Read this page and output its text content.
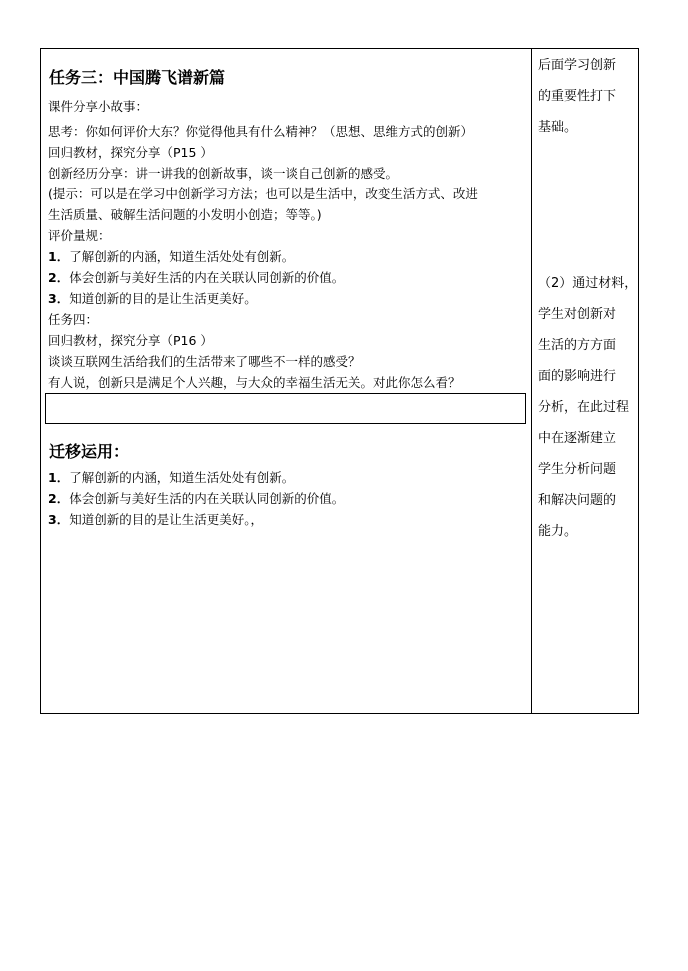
任务三：中国腾飞谱新篇
课件分享小故事：
思考：你如何评价大东？你觉得他具有什么精神？（思想、思维方式的创新）
回归教材，探究分享（P15 ）
创新经历分享：讲一讲我的创新故事，谈一谈自己创新的感受。
(提示：可以是在学习中创新学习方法；也可以是生活中，改变生活方式、改进
生活质量、破解生活问题的小发明小创造；等等。)
评价量规：
1．了解创新的内涵，知道生活处处有创新。
2．体会创新与美好生活的内在关联认同创新的价值。
3．知道创新的目的是让生活更美好。
任务四：
回归教材，探究分享（P16 ）
谈谈互联网生活给我们的生活带来了哪些不一样的感受？
有人说，创新只是满足个人兴趣，与大众的幸福生活无关。对此你怎么看？
迁移运用：
1．了解创新的内涵，知道生活处处有创新。
2．体会创新与美好生活的内在关联认同创新的价值。
3．知道创新的目的是让生活更美好。，
后面学习创新
的重要性打下
基础。
（2）通过材料，
学生对创新对
生活的方方面
面的影响进行
分析，在此过程
中在逐渐建立
学生分析问题
和解决问题的
能力。
